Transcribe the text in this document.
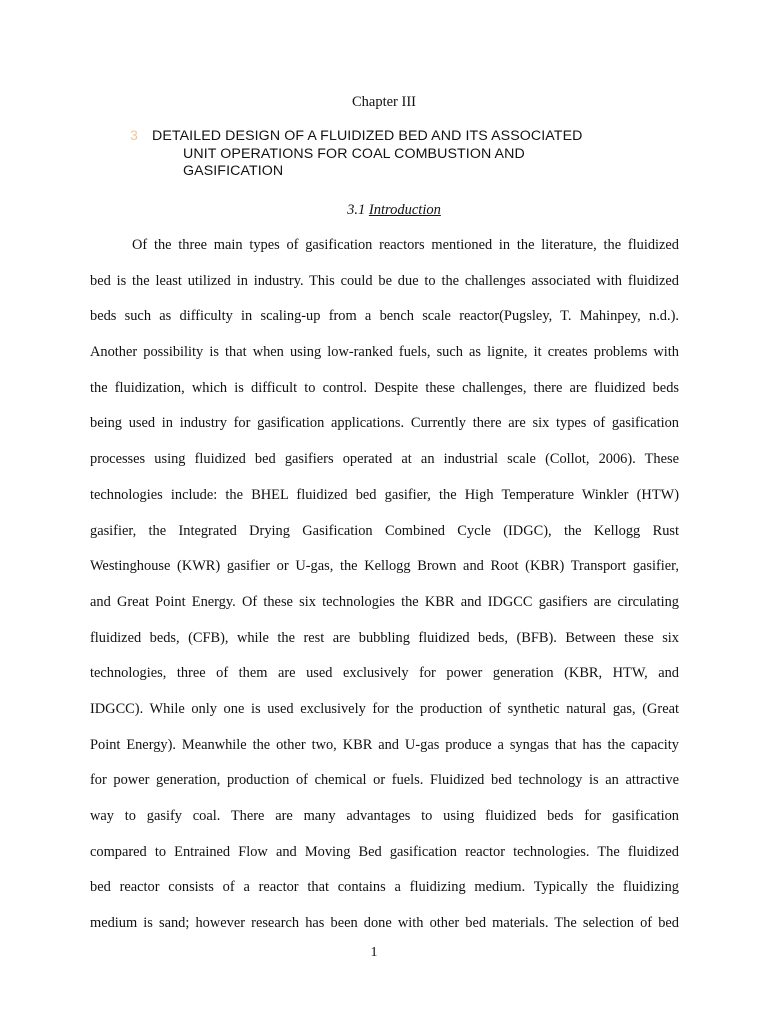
Chapter III
3 DETAILED DESIGN OF A FLUIDIZED BED AND ITS ASSOCIATED
UNIT OPERATIONS FOR COAL COMBUSTION AND
GASIFICATION
3.1 Introduction
Of the three main types of gasification reactors mentioned in the literature, the fluidized
bed is the least utilized in industry. This could be due to the challenges associated with fluidized
beds such as difficulty in scaling-up from a bench scale reactor(Pugsley, T. Mahinpey, n.d.).
Another possibility is that when using low-ranked fuels, such as lignite, it creates problems with
the fluidization, which is difficult to control. Despite these challenges, there are fluidized beds
being used in industry for gasification applications. Currently there are six types of gasification
processes using fluidized bed gasifiers operated at an industrial scale (Collot, 2006). These
technologies include: the BHEL fluidized bed gasifier, the High Temperature Winkler (HTW)
gasifier, the Integrated Drying Gasification Combined Cycle (IDGC), the Kellogg Rust
Westinghouse (KWR) gasifier or U-gas, the Kellogg Brown and Root (KBR) Transport gasifier,
and Great Point Energy. Of these six technologies the KBR and IDGCC gasifiers are circulating
fluidized beds, (CFB), while the rest are bubbling fluidized beds, (BFB). Between these six
technologies, three of them are used exclusively for power generation (KBR, HTW, and
IDGCC). While only one is used exclusively for the production of synthetic natural gas, (Great
Point Energy). Meanwhile the other two, KBR and U-gas produce a syngas that has the capacity
for power generation, production of chemical or fuels. Fluidized bed technology is an attractive
way to gasify coal. There are many advantages to using fluidized beds for gasification
compared to Entrained Flow and Moving Bed gasification reactor technologies. The fluidized
bed reactor consists of a reactor that contains a fluidizing medium. Typically the fluidizing
medium is sand; however research has been done with other bed materials. The selection of bed
1
